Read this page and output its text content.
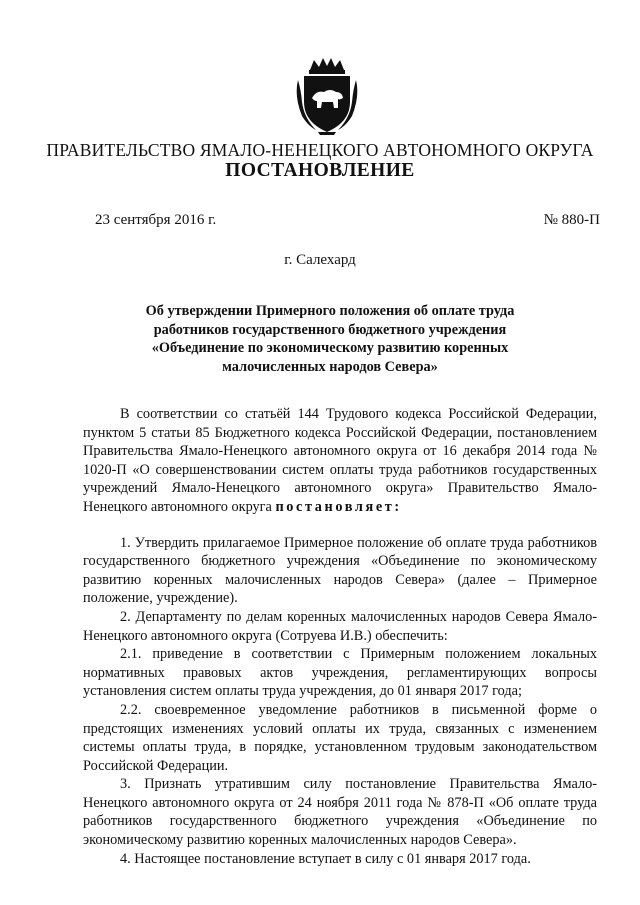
ПРАВИТЕЛЬСТВО ЯМАЛО-НЕНЕЦКОГО АВТОНОМНОГО ОКРУГА
ПОСТАНОВЛЕНИЕ
23 сентября 2016 г.	№ 880-П
г. Салехард
Об утверждении Примерного положения об оплате труда
работников государственного бюджетного учреждения
«Объединение по экономическому развитию коренных
малочисленных народов Севера»

В соответствии со статьёй 144 Трудового кодекса Российской Федерации, пунктом 5 статьи 85 Бюджетного кодекса Российской Федерации, постановлением Правительства Ямало-Ненецкого автономного округа от 16 декабря 2014 года № 1020-П «О совершенствовании систем оплаты труда работников государственных учреждений Ямало-Ненецкого автономного округа» Правительство Ямало-Ненецкого автономного округа постановляет:

1. Утвердить прилагаемое Примерное положение об оплате труда работников государственного бюджетного учреждения «Объединение по экономическому развитию коренных малочисленных народов Севера» (далее – Примерное положение, учреждение).

2. Департаменту по делам коренных малочисленных народов Севера Ямало-Ненецкого автономного округа (Сотруева И.В.) обеспечить:

2.1. приведение в соответствии с Примерным положением локальных нормативных правовых актов учреждения, регламентирующих вопросы установления систем оплаты труда учреждения, до 01 января 2017 года;

2.2. своевременное уведомление работников в письменной форме о предстоящих изменениях условий оплаты их труда, связанных с изменением системы оплаты труда, в порядке, установленном трудовым законодательством Российской Федерации.

3. Признать утратившим силу постановление Правительства Ямало-Ненецкого автономного округа от 24 ноября 2011 года № 878-П «Об оплате труда работников государственного бюджетного учреждения «Объединение по экономическому развитию коренных малочисленных народов Севера».

4. Настоящее постановление вступает в силу с 01 января 2017 года.
